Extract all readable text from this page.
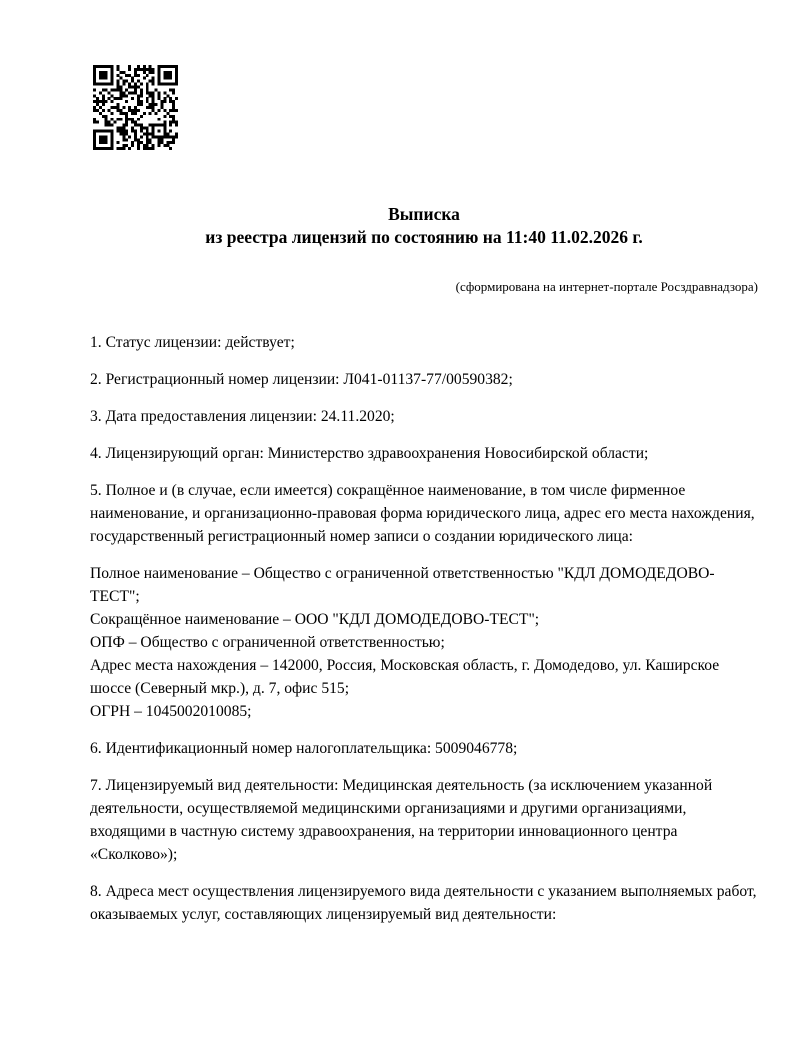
Выписка
из реестра лицензий по состоянию на 11:40 11.02.2026 г.
(сформирована на интернет-портале Росздравнадзора)

1. Статус лицензии: действует;

2. Регистрационный номер лицензии: Л041-01137-77/00590382;

3. Дата предоставления лицензии: 24.11.2020;

4. Лицензирующий орган: Министерство здравоохранения Новосибирской области;

5. Полное и (в случае, если имеется) сокращённое наименование, в том числе фирменное наименование, и организационно-правовая форма юридического лица, адрес его места нахождения, государственный регистрационный номер записи о создании юридического лица:

Полное наименование – Общество с ограниченной ответственностью "КДЛ ДОМОДЕДОВО-ТЕСТ";

Сокращённое наименование – ООО "КДЛ ДОМОДЕДОВО-ТЕСТ";

ОПФ – Общество с ограниченной ответственностью;

Адрес места нахождения – 142000, Россия, Московская область, г. Домодедово, ул. Каширское шоссе (Северный мкр.), д. 7, офис 515;

ОГРН – 1045002010085;

6. Идентификационный номер налогоплательщика: 5009046778;

7. Лицензируемый вид деятельности: Медицинская деятельность (за исключением указанной деятельности, осуществляемой медицинскими организациями и другими организациями, входящими в частную систему здравоохранения, на территории инновационного центра «Сколково»);

8. Адреса мест осуществления лицензируемого вида деятельности с указанием выполняемых работ, оказываемых услуг, составляющих лицензируемый вид деятельности:
